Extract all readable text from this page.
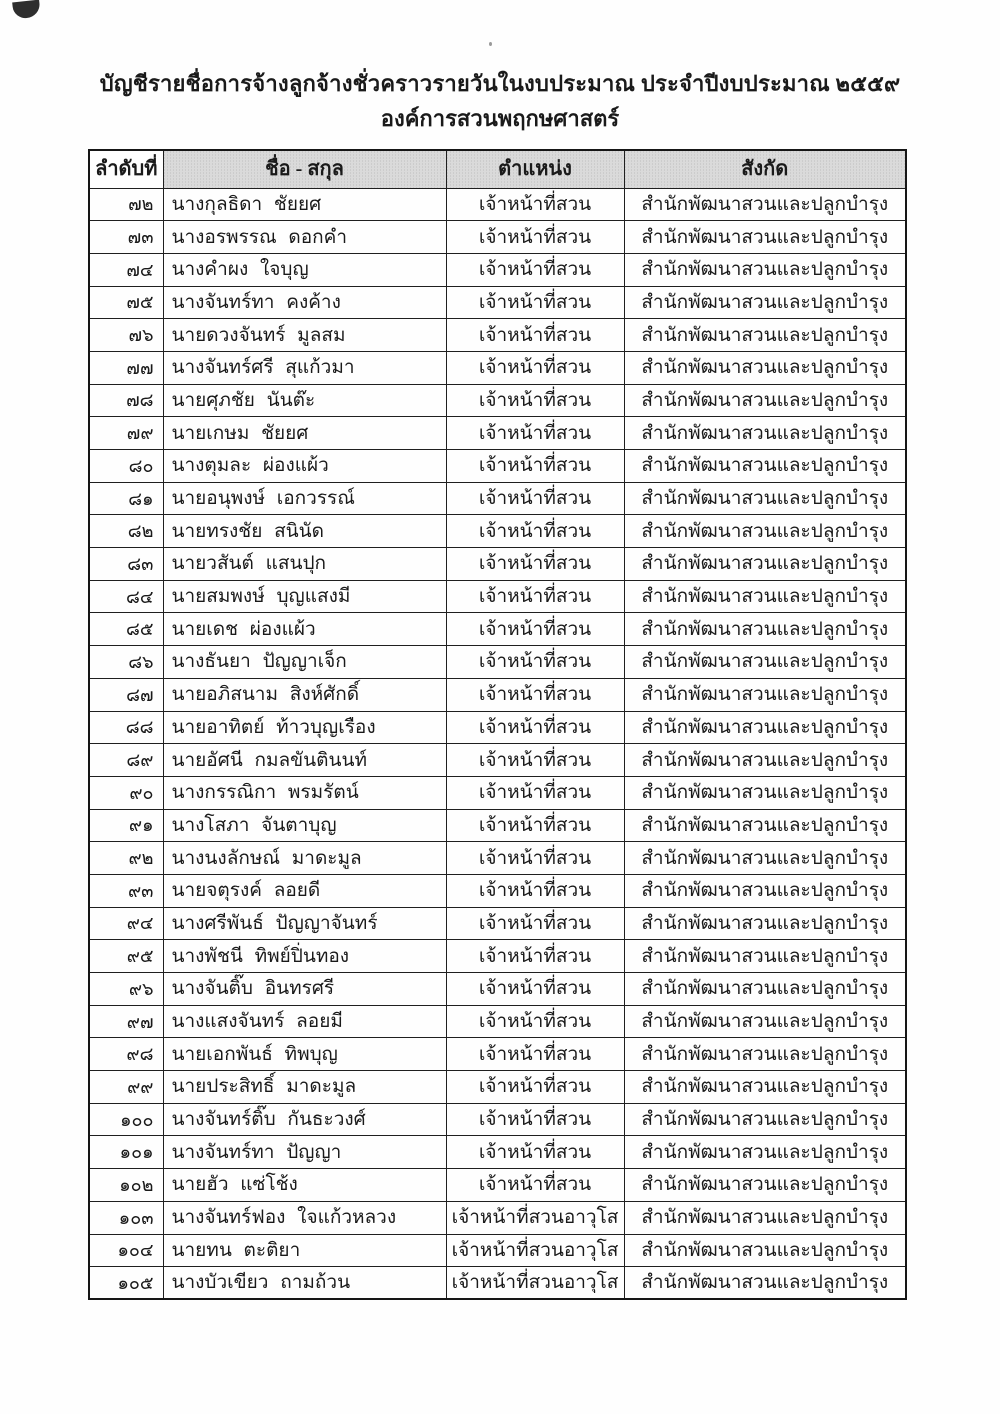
บัญชีรายชื่อการจ้างลูกจ้างชั่วคราวรายวันในงบประมาณ ประจำปีงบประมาณ ๒๕๕๙
องค์การสวนพฤกษศาสตร์
ลำดับที่	ชื่อ - สกุล	ตำแหน่ง	สังกัด
๗๒	นางกุลธิดา ชัยยศ	เจ้าหน้าที่สวน	สำนักพัฒนาสวนและปลูกบำรุง
๗๓	นางอรพรรณ ดอกคำ	เจ้าหน้าที่สวน	สำนักพัฒนาสวนและปลูกบำรุง
๗๔	นางคำผง ใจบุญ	เจ้าหน้าที่สวน	สำนักพัฒนาสวนและปลูกบำรุง
๗๕	นางจันทร์ทา คงค้าง	เจ้าหน้าที่สวน	สำนักพัฒนาสวนและปลูกบำรุง
๗๖	นายดวงจันทร์ มูลสม	เจ้าหน้าที่สวน	สำนักพัฒนาสวนและปลูกบำรุง
๗๗	นางจันทร์ศรี สุแก้วมา	เจ้าหน้าที่สวน	สำนักพัฒนาสวนและปลูกบำรุง
๗๘	นายศุภชัย นันต๊ะ	เจ้าหน้าที่สวน	สำนักพัฒนาสวนและปลูกบำรุง
๗๙	นายเกษม ชัยยศ	เจ้าหน้าที่สวน	สำนักพัฒนาสวนและปลูกบำรุง
๘๐	นางตุมละ ผ่องแผ้ว	เจ้าหน้าที่สวน	สำนักพัฒนาสวนและปลูกบำรุง
๘๑	นายอนุพงษ์ เอกวรรณ์	เจ้าหน้าที่สวน	สำนักพัฒนาสวนและปลูกบำรุง
๘๒	นายทรงชัย สนินัด	เจ้าหน้าที่สวน	สำนักพัฒนาสวนและปลูกบำรุง
๘๓	นายวสันต์ แสนปุก	เจ้าหน้าที่สวน	สำนักพัฒนาสวนและปลูกบำรุง
๘๔	นายสมพงษ์ บุญแสงมี	เจ้าหน้าที่สวน	สำนักพัฒนาสวนและปลูกบำรุง
๘๕	นายเดช ผ่องแผ้ว	เจ้าหน้าที่สวน	สำนักพัฒนาสวนและปลูกบำรุง
๘๖	นางธันยา ปัญญาเจ็ก	เจ้าหน้าที่สวน	สำนักพัฒนาสวนและปลูกบำรุง
๘๗	นายอภิสนาม สิงห์ศักดิ์	เจ้าหน้าที่สวน	สำนักพัฒนาสวนและปลูกบำรุง
๘๘	นายอาทิตย์ ท้าวบุญเรือง	เจ้าหน้าที่สวน	สำนักพัฒนาสวนและปลูกบำรุง
๘๙	นายอัศนี กมลขันตินนท์	เจ้าหน้าที่สวน	สำนักพัฒนาสวนและปลูกบำรุง
๙๐	นางกรรณิกา พรมรัตน์	เจ้าหน้าที่สวน	สำนักพัฒนาสวนและปลูกบำรุง
๙๑	นางโสภา จันตาบุญ	เจ้าหน้าที่สวน	สำนักพัฒนาสวนและปลูกบำรุง
๙๒	นางนงลักษณ์ มาดะมูล	เจ้าหน้าที่สวน	สำนักพัฒนาสวนและปลูกบำรุง
๙๓	นายจตุรงค์ ลอยดี	เจ้าหน้าที่สวน	สำนักพัฒนาสวนและปลูกบำรุง
๙๔	นางศรีพันธ์ ปัญญาจันทร์	เจ้าหน้าที่สวน	สำนักพัฒนาสวนและปลูกบำรุง
๙๕	นางพัชนี ทิพย์ปิ่นทอง	เจ้าหน้าที่สวน	สำนักพัฒนาสวนและปลูกบำรุง
๙๖	นางจันติ๊บ อินทรศรี	เจ้าหน้าที่สวน	สำนักพัฒนาสวนและปลูกบำรุง
๙๗	นางแสงจันทร์ ลอยมี	เจ้าหน้าที่สวน	สำนักพัฒนาสวนและปลูกบำรุง
๙๘	นายเอกพันธ์ ทิพบุญ	เจ้าหน้าที่สวน	สำนักพัฒนาสวนและปลูกบำรุง
๙๙	นายประสิทธิ์ มาดะมูล	เจ้าหน้าที่สวน	สำนักพัฒนาสวนและปลูกบำรุง
๑๐๐	นางจันทร์ติ๊บ กันธะวงศ์	เจ้าหน้าที่สวน	สำนักพัฒนาสวนและปลูกบำรุง
๑๐๑	นางจันทร์ทา ปัญญา	เจ้าหน้าที่สวน	สำนักพัฒนาสวนและปลูกบำรุง
๑๐๒	นายฮัว แซ่โช้ง	เจ้าหน้าที่สวน	สำนักพัฒนาสวนและปลูกบำรุง
๑๐๓	นางจันทร์ฟอง ใจแก้วหลวง	เจ้าหน้าที่สวนอาวุโส	สำนักพัฒนาสวนและปลูกบำรุง
๑๐๔	นายทน ตะติยา	เจ้าหน้าที่สวนอาวุโส	สำนักพัฒนาสวนและปลูกบำรุง
๑๐๕	นางบัวเขียว ถามถ้วน	เจ้าหน้าที่สวนอาวุโส	สำนักพัฒนาสวนและปลูกบำรุง
